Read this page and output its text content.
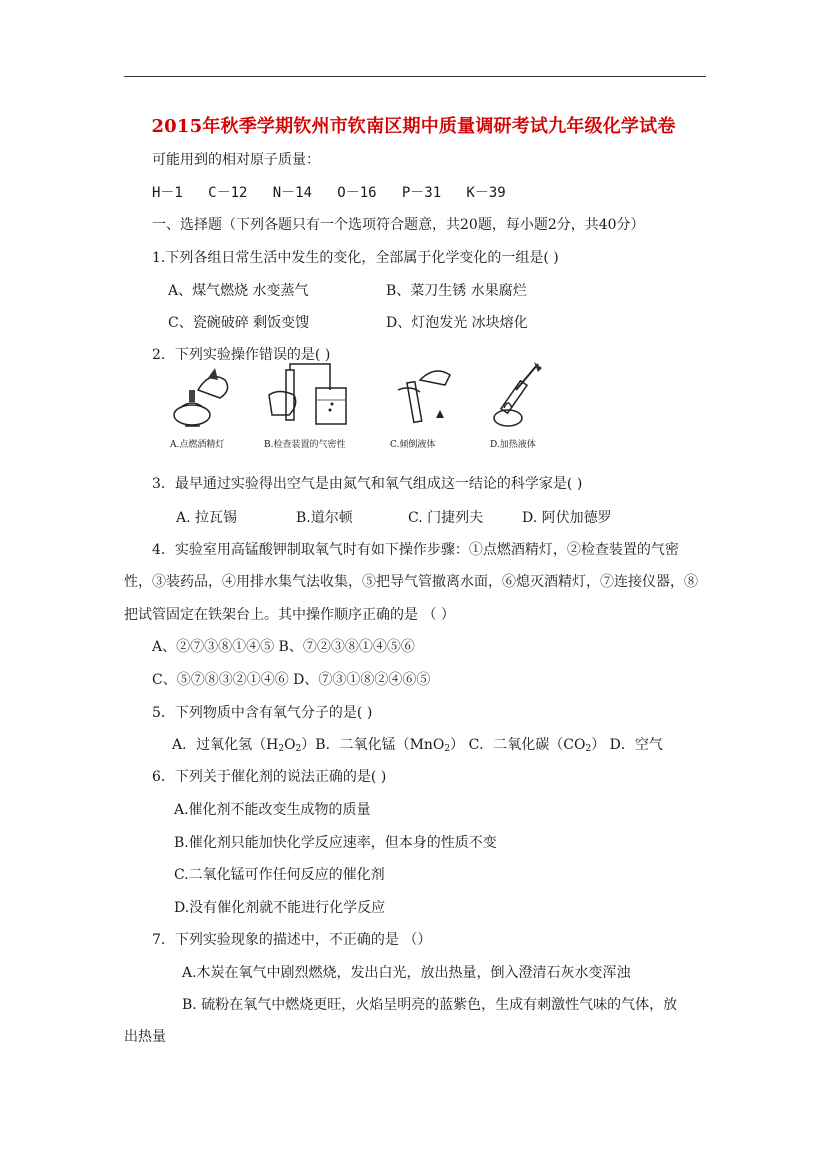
2015年秋季学期钦州市钦南区期中质量调研考试九年级化学试卷
可能用到的相对原子质量：
H－1   C－12   N－14   O－16   P－31   K－39
一、选择题（下列各题只有一个选项符合题意，共20题，每小题2分，共40分）
1.下列各组日常生活中发生的变化，全部属于化学变化的一组是( )
A、煤气燃烧 水变蒸气	B、菜刀生锈 水果腐烂
C、瓷碗破碎 剩饭变馊	D、灯泡发光 冰块熔化
2．下列实验操作错误的是( )
A.点燃酒精灯	B.检查装置的气密性	C.倾倒液体	D.加热液体
3．最早通过实验得出空气是由氮气和氧气组成这一结论的科学家是( )
A. 拉瓦锡	B.道尔顿	C. 门捷列夫	D. 阿伏加德罗
4．实验室用高锰酸钾制取氧气时有如下操作步骤：①点燃酒精灯，②检查装置的气密
性，③装药品，④用排水集气法收集，⑤把导气管撤离水面，⑥熄灭酒精灯，⑦连接仪器，⑧
把试管固定在铁架台上。其中操作顺序正确的是 （ ）
A、②⑦③⑧①④⑤ B、⑦②③⑧①④⑤⑥
C、⑤⑦⑧③②①④⑥ D、⑦③①⑧②④⑥⑤
5．下列物质中含有氧气分子的是( )
A．过氧化氢$(H_2O_2)B$．二氧化锰（MnO$_2$） C．二氧化碳$(CO_2)$ D．空气
6．下列关于催化剂的说法正确的是( )
A.催化剂不能改变生成物的质量
B.催化剂只能加快化学反应速率，但本身的性质不变
C.二氧化锰可作任何反应的催化剂
D.没有催化剂就不能进行化学反应
7．下列实验现象的描述中，不正确的是 （）
A.木炭在氧气中剧烈燃烧，发出白光，放出热量，倒入澄清石灰水变浑浊
B. 硫粉在氧气中燃烧更旺，火焰呈明亮的蓝紫色，生成有刺激性气味的气体，放
出热量
